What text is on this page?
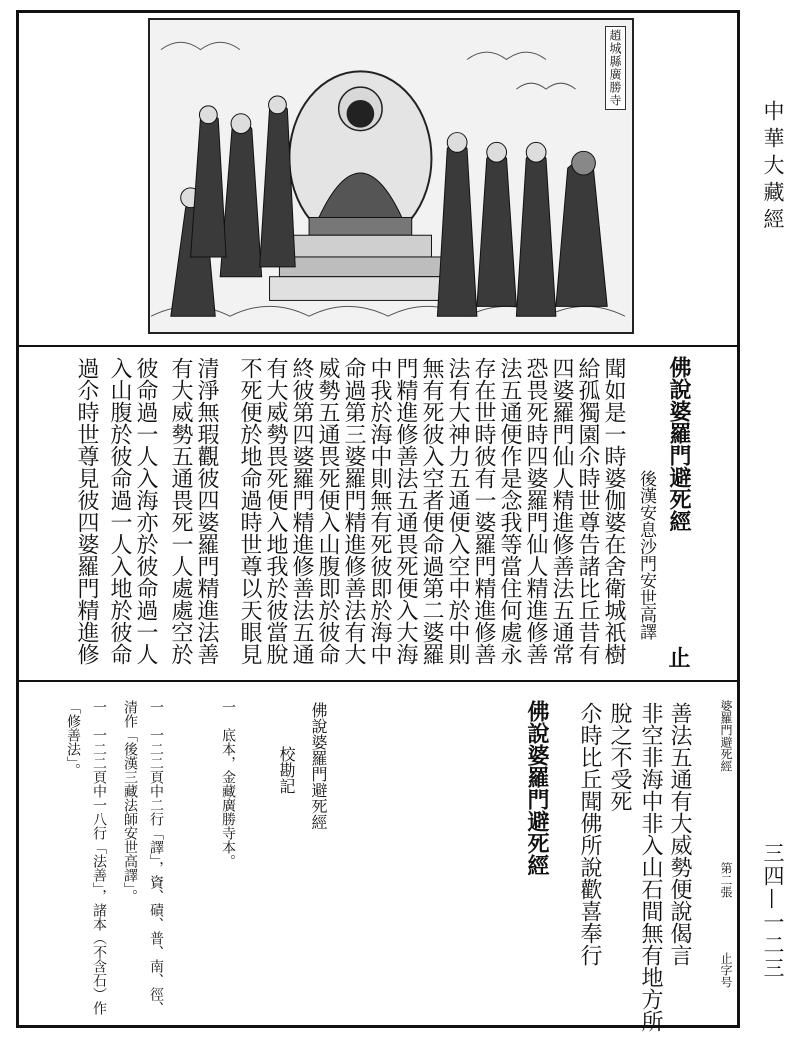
趙城縣廣勝寺
中華大藏經
三四—一二三
佛說婆羅門避死經
後漢安息沙門安世高譯
止
聞如是一時婆伽婆在舍衛城祇樹
給孤獨園尒時世尊告諸比丘昔有
四婆羅門仙人精進修善法五通常
恐畏死時四婆羅門仙人精進修善
法五通便作是念我等當住何處永
存在世時彼有一婆羅門精進修善
法有大神力五通便入空中於中則
無有死彼入空者便命過第二婆羅
門精進修善法五通畏死便入大海
中我於海中則無有死彼即於海中
命過第三婆羅門精進修善法有大
威勢五通畏死便入山腹即於彼命
終彼第四婆羅門精進修善法五通
有大威勢畏死便入地我於彼當脫
不死便於地命過時世尊以天眼見
清淨無瑕觀彼四婆羅門精進法善
有大威勢五通畏死一人處處空於
彼命過一人入海亦於彼命過一人
入山腹於彼命過一人入地於彼命
過尒時世尊見彼四婆羅門精進修
婆羅門避死經
第二張
止字号
善法五通有大威勢便說偈言
非空非海中非入山石間無有地方所
脫之不受死
尒時比丘聞佛所說歡喜奉行
佛說婆羅門避死經
佛說婆羅門避死經
校勘記
一　底本，金藏廣勝寺本。
一　一二二頁中二行「譯」，資、磧、普、南、徑、清作「後漢三藏法師安世高譯」。
一　一二二頁中一八行「法善」，諸本（不含石）作「修善法」。
